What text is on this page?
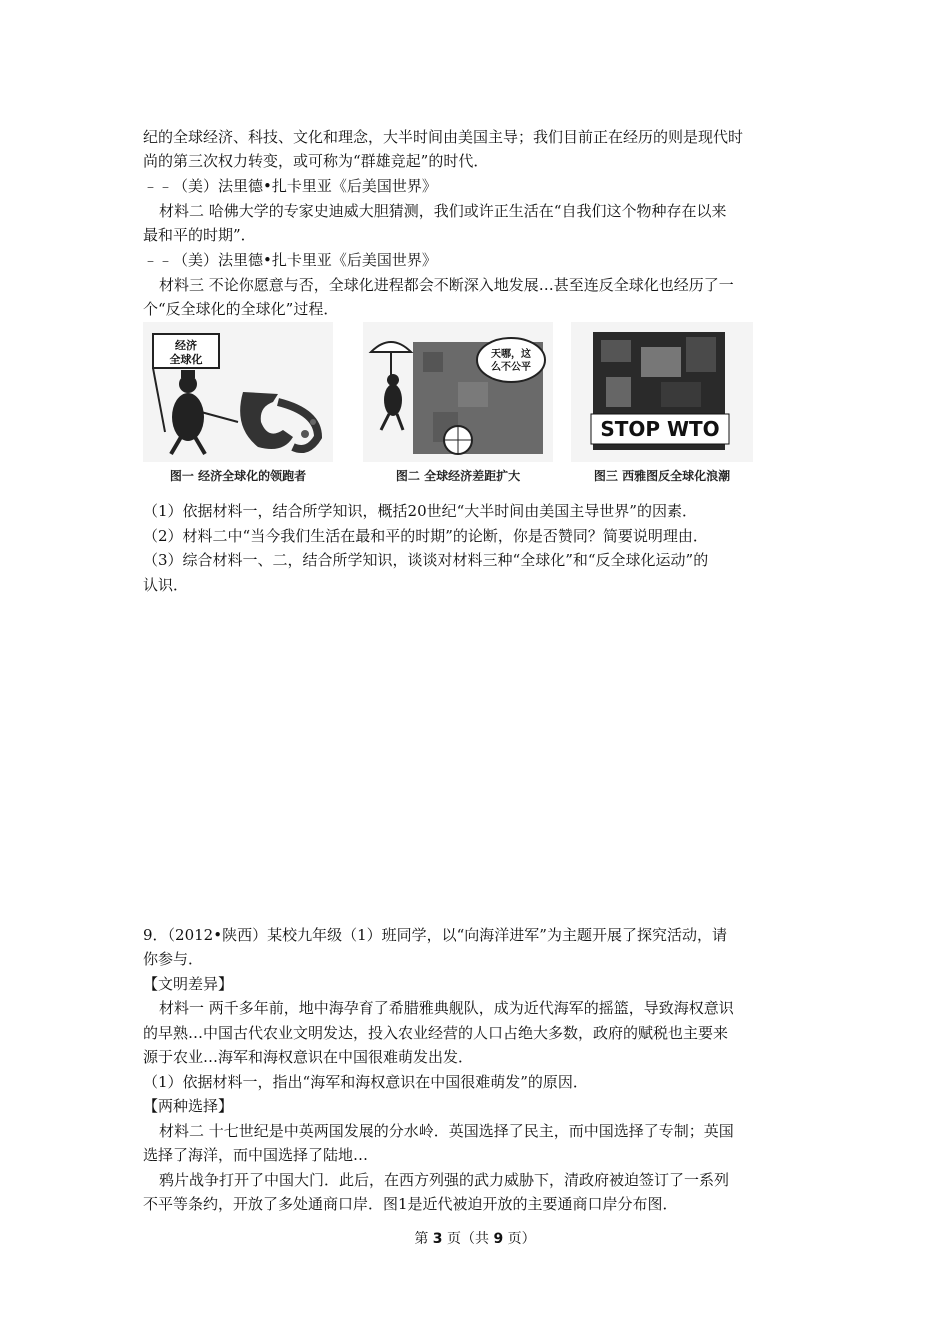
纪的全球经济、科技、文化和理念，大半时间由美国主导；我们目前正在经历的则是现代时
尚的第三次权力转变，或可称为“群雄竞起”的时代．
﹣﹣（美）法里德•扎卡里亚《后美国世界》
材料二 哈佛大学的专家史迪威大胆猜测，我们或许正生活在“自我们这个物种存在以来
最和平的时期”．
﹣﹣（美）法里德•扎卡里亚《后美国世界》
材料三 不论你愿意与否，全球化进程都会不断深入地发展…甚至连反全球化也经历了一
个“反全球化的全球化”过程．
经济
全球化
图一 经济全球化的领跑者
天哪，这
么不公平
图二 全球经济差距扩大
STOP WTO
图三 西雅图反全球化浪潮
（1）依据材料一，结合所学知识，概括20世纪“大半时间由美国主导世界”的因素．
（2）材料二中“当今我们生活在最和平的时期”的论断，你是否赞同？简要说明理由．
（3）综合材料一、二，结合所学知识，谈谈对材料三种“全球化”和“反全球化运动”的
认识．
9．（2012•陕西）某校九年级（1）班同学，以“向海洋进军”为主题开展了探究活动，请
你参与．
【文明差异】
材料一 两千多年前，地中海孕育了希腊雅典舰队，成为近代海军的摇篮，导致海权意识
的早熟…中国古代农业文明发达，投入农业经营的人口占绝大多数，政府的赋税也主要来
源于农业…海军和海权意识在中国很难萌发出发．
（1）依据材料一，指出“海军和海权意识在中国很难萌发”的原因．
【两种选择】
材料二 十七世纪是中英两国发展的分水岭．英国选择了民主，而中国选择了专制；英国
选择了海洋，而中国选择了陆地…
鸦片战争打开了中国大门．此后，在西方列强的武力威胁下，清政府被迫签订了一系列
不平等条约，开放了多处通商口岸．图1是近代被迫开放的主要通商口岸分布图．
第 3 页（共 9 页）
